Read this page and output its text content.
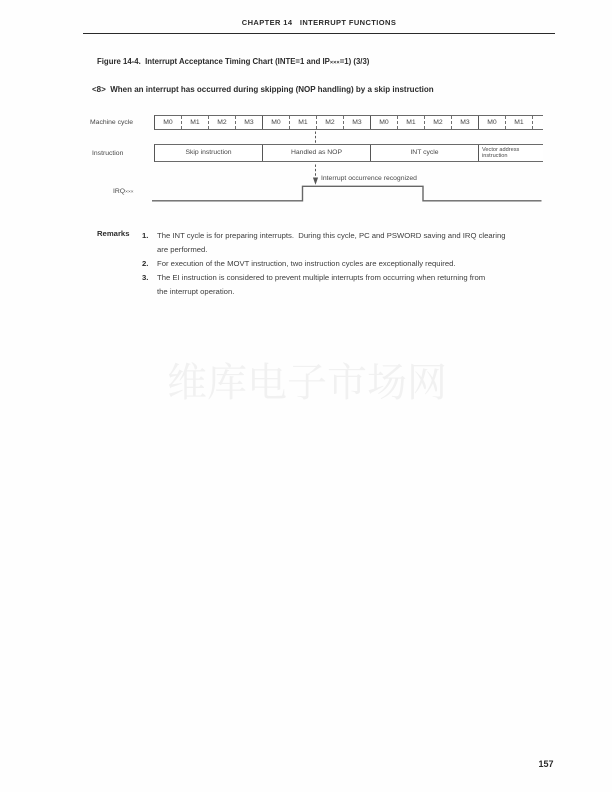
CHAPTER 14   INTERRUPT FUNCTIONS
Figure 14-4.  Interrupt Acceptance Timing Chart (INTE=1 and IP×××=1) (3/3)
<8>  When an interrupt has occurred during skipping (NOP handling) by a skip instruction
Machine cycle	M0	M1	M2	M3	M0	M1	M2	M3	M0	M1	M2	M3	M0	M1
Instruction	Skip instruction	Handled as NOP	INT cycle	Vector address
instruction
IRQ×××
Interrupt occurrence recognized
Remarks 1.	The INT cycle is for preparing interrupts.  During this cycle, PC and PSWORD saving and IRQ clearing
are performed.
2.	For execution of the MOVT instruction, two instruction cycles are exceptionally required.
3.	The EI instruction is considered to prevent multiple interrupts from occurring when returning from
the interrupt operation.
维库电子市场网
157
